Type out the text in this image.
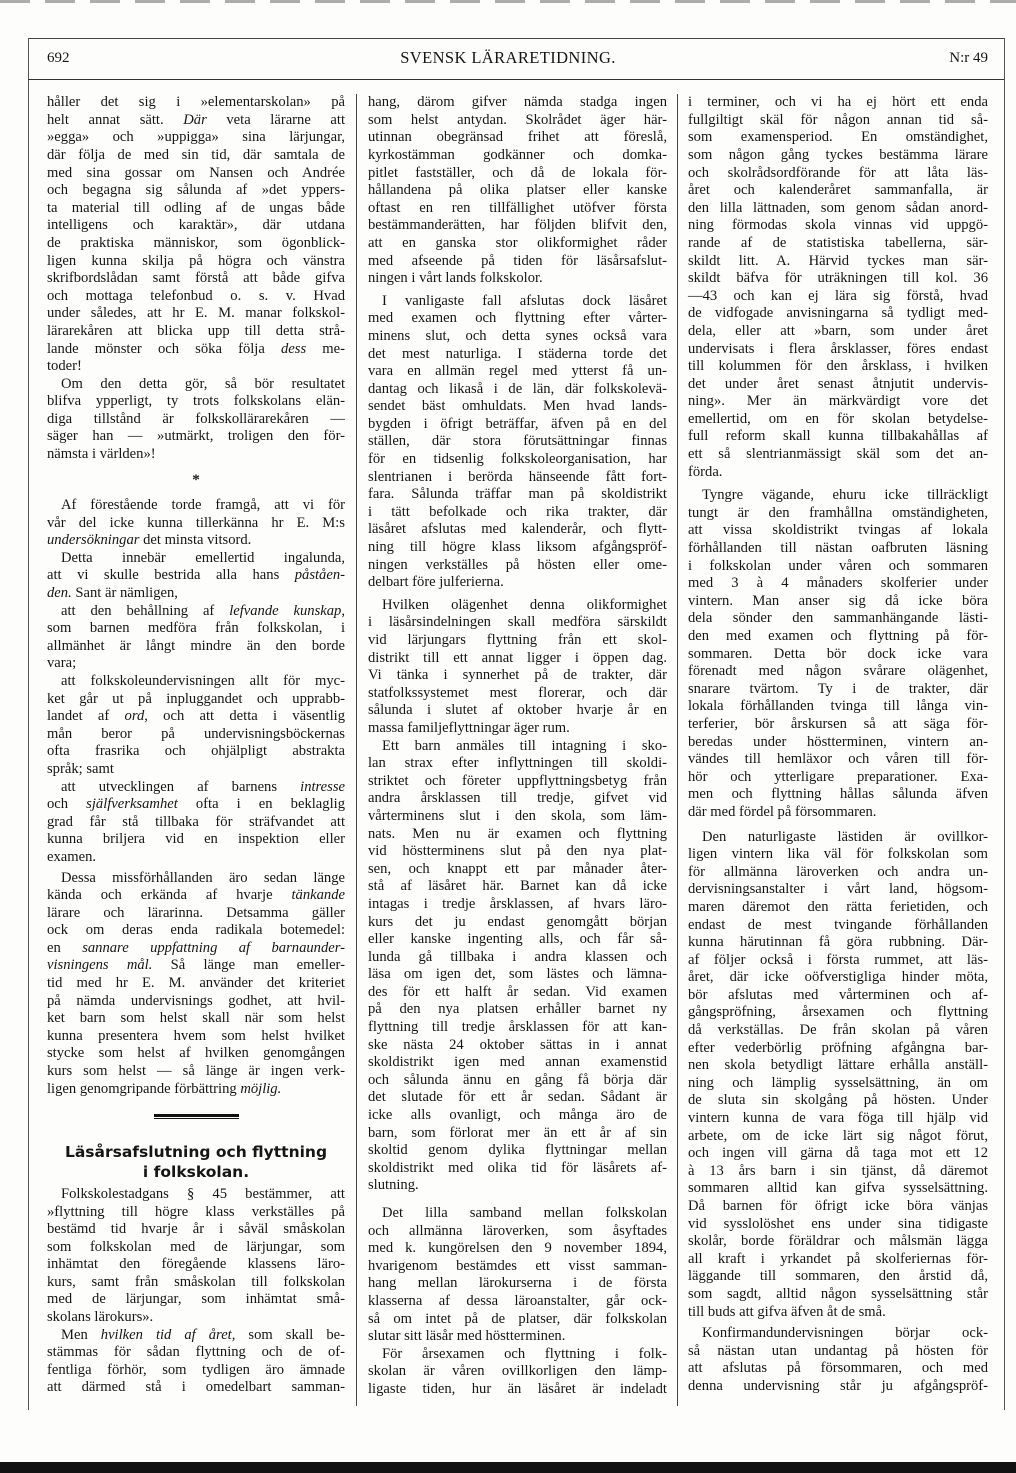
692	SVENSK LÄRARETIDNING.	N:r 49
håller det sig i »elementarskolan» på
helt annat sätt. Där veta lärarne att
»egga» och »uppigga» sina lärjungar,
där följa de med sin tid, där samtala de
med sina gossar om Nansen och Andrée
och begagna sig sålunda af »det yppers-
ta material till odling af de ungas både
intelligens och karaktär», där utdana
de praktiska människor, som ögonblick-
ligen kunna skilja på högra och vänstra
skrifbordslådan samt förstå att både gifva
och mottaga telefonbud o. s. v. Hvad
under således, att hr E. M. manar folkskol-
lärarekåren att blicka upp till detta strå-
lande mönster och söka följa dess me-
toder!
Om den detta gör, så bör resultatet
blifva ypperligt, ty trots folkskolans elän-
diga tillstånd är folkskollärarekåren —
säger han — »utmärkt, troligen den för-
nämsta i världen»!
*
Af förestående torde framgå, att vi för
vår del icke kunna tillerkänna hr E. M:s
undersökningar det minsta vitsord.
Detta innebär emellertid ingalunda,
att vi skulle bestrida alla hans påståen-
den. Sant är nämligen,
att den behållning af lefvande kunskap,
som barnen medföra från folkskolan, i
allmänhet är långt mindre än den borde
vara;
att folkskoleundervisningen allt för myc-
ket går ut på inpluggandet och upprabb-
landet af ord, och att detta i väsentlig
mån beror på undervisningsböckernas
ofta frasrika och ohjälpligt abstrakta
språk; samt
att utvecklingen af barnens intresse
och själfverksamhet ofta i en beklaglig
grad får stå tillbaka för sträfvandet att
kunna briljera vid en inspektion eller
examen.
Dessa missförhållanden äro sedan länge
kända och erkända af hvarje tänkande
lärare och lärarinna. Detsamma gäller
ock om deras enda radikala botemedel:
en sannare uppfattning af barnaunder-
visningens mål. Så länge man emeller-
tid med hr E. M. använder det kriteriet
på nämda undervisnings godhet, att hvil-
ket barn som helst skall när som helst
kunna presentera hvem som helst hvilket
stycke som helst af hvilken genomgången
kurs som helst — så länge är ingen verk-
ligen genomgripande förbättring möjlig.
Läsårsafslutning och flyttning
i folkskolan.
Folkskolestadgans § 45 bestämmer, att
»flyttning till högre klass verkställes på
bestämd tid hvarje år i såväl småskolan
som folkskolan med de lärjungar, som
inhämtat den föregående klassens läro-
kurs, samt från småskolan till folkskolan
med de lärjungar, som inhämtat små-
skolans lärokurs».
Men hvilken tid af året, som skall be-
stämmas för sådan flyttning och de of-
fentliga förhör, som tydligen äro ämnade
att därmed stå i omedelbart samman-
hang, därom gifver nämda stadga ingen
som helst antydan. Skolrådet äger här-
utinnan obegränsad frihet att föreslå,
kyrkostämman godkänner och domka-
pitlet fastställer, och då de lokala för-
hållandena på olika platser eller kanske
oftast en ren tillfällighet utöfver första
bestämmanderätten, har följden blifvit den,
att en ganska stor olikformighet råder
med afseende på tiden för läsårsafslut-
ningen i vårt lands folkskolor.
I vanligaste fall afslutas dock läsåret
med examen och flyttning efter vårter-
minens slut, och detta synes också vara
det mest naturliga. I städerna torde det
vara en allmän regel med ytterst få un-
dantag och likaså i de län, där folkskolevä-
sendet bäst omhuldats. Men hvad lands-
bygden i öfrigt beträffar, äfven på en del
ställen, där stora förutsättningar finnas
för en tidsenlig folkskoleorganisation, har
slentrianen i berörda hänseende fått fort-
fara. Sålunda träffar man på skoldistrikt
i tätt befolkade och rika trakter, där
läsåret afslutas med kalenderår, och flytt-
ning till högre klass liksom afgångspröf-
ningen verkställes på hösten eller ome-
delbart före julferierna.
Hvilken olägenhet denna olikformighet
i läsårsindelningen skall medföra särskildt
vid lärjungars flyttning från ett skol-
distrikt till ett annat ligger i öppen dag.
Vi tänka i synnerhet på de trakter, där
statfolkssystemet mest florerar, och där
sålunda i slutet af oktober hvarje år en
massa familjeflyttningar äger rum.
Ett barn anmäles till intagning i sko-
lan strax efter inflyttningen till skoldi-
striktet och företer uppflyttningsbetyg från
andra årsklassen till tredje, gifvet vid
vårterminens slut i den skola, som läm-
nats. Men nu är examen och flyttning
vid höstterminens slut på den nya plat-
sen, och knappt ett par månader åter-
stå af läsåret här. Barnet kan då icke
intagas i tredje årsklassen, af hvars läro-
kurs det ju endast genomgått början
eller kanske ingenting alls, och får så-
lunda gå tillbaka i andra klassen och
läsa om igen det, som lästes och lämna-
des för ett halft år sedan. Vid examen
på den nya platsen erhåller barnet ny
flyttning till tredje årsklassen för att kan-
ske nästa 24 oktober sättas in i annat
skoldistrikt igen med annan examenstid
och sålunda ännu en gång få börja där
det slutade för ett år sedan. Sådant är
icke alls ovanligt, och många äro de
barn, som förlorat mer än ett år af sin
skoltid genom dylika flyttningar mellan
skoldistrikt med olika tid för läsårets af-
slutning.
Det lilla samband mellan folkskolan
och allmänna läroverken, som åsyftades
med k. kungörelsen den 9 november 1894,
hvarigenom bestämdes ett visst samman-
hang mellan lärokurserna i de första
klasserna af dessa läroanstalter, går ock-
så om intet på de platser, där folkskolan
slutar sitt läsår med höstterminen.
För årsexamen och flyttning i folk-
skolan är våren ovillkorligen den lämp-
ligaste tiden, hur än läsåret är indeladt
i terminer, och vi ha ej hört ett enda
fullgiltigt skäl för någon annan tid så-
som examensperiod. En omständighet,
som någon gång tyckes bestämma lärare
och skolrådsordförande för att låta läs-
året och kalenderåret sammanfalla, är
den lilla lättnaden, som genom sådan anord-
ning förmodas skola vinnas vid uppgö-
rande af de statistiska tabellerna, sär-
skildt litt. A. Härvid tyckes man sär-
skildt bäfva för uträkningen till kol. 36
—43 och kan ej lära sig förstå, hvad
de vidfogade anvisningarna så tydligt med-
dela, eller att »barn, som under året
undervisats i flera årsklasser, föres endast
till kolummen för den årsklass, i hvilken
det under året senast åtnjutit undervis-
ning». Mer än märkvärdigt vore det
emellertid, om en för skolan betydelse-
full reform skall kunna tillbakahållas af
ett så slentrianmässigt skäl som det an-
förda.
Tyngre vägande, ehuru icke tillräckligt
tungt är den framhållna omständigheten,
att vissa skoldistrikt tvingas af lokala
förhållanden till nästan oafbruten läsning
i folkskolan under våren och sommaren
med 3 à 4 månaders skolferier under
vintern. Man anser sig då icke böra
dela sönder den sammanhängande lästi-
den med examen och flyttning på för-
sommaren. Detta bör dock icke vara
förenadt med någon svårare olägenhet,
snarare tvärtom. Ty i de trakter, där
lokala förhållanden tvinga till långa vin-
terferier, bör årskursen så att säga för-
beredas under höstterminen, vintern an-
vändes till hemläxor och våren till för-
hör och ytterligare preparationer. Exa-
men och flyttning hållas sålunda äfven
där med fördel på försommaren.
Den naturligaste lästiden är ovillkor-
ligen vintern lika väl för folkskolan som
för allmänna läroverken och andra un-
dervisningsanstalter i vårt land, högsom-
maren däremot den rätta ferietiden, och
endast de mest tvingande förhållanden
kunna härutinnan få göra rubbning. Där-
af följer också i första rummet, att läs-
året, där icke oöfverstigliga hinder möta,
bör afslutas med vårterminen och af-
gångspröfning, årsexamen och flyttning
då verkställas. De från skolan på våren
efter vederbörlig pröfning afgångna bar-
nen skola betydligt lättare erhålla anställ-
ning och lämplig sysselsättning, än om
de sluta sin skolgång på hösten. Under
vintern kunna de vara föga till hjälp vid
arbete, om de icke lärt sig något förut,
och ingen vill gärna då taga mot ett 12
à 13 års barn i sin tjänst, då däremot
sommaren alltid kan gifva sysselsättning.
Då barnen för öfrigt icke böra vänjas
vid sysslolöshet ens under sina tidigaste
skolår, borde föräldrar och målsmän lägga
all kraft i yrkandet på skolferiernas för-
läggande till sommaren, den årstid då,
som sagdt, alltid någon sysselsättning står
till buds att gifva äfven åt de små.
Konfirmandundervisningen börjar ock-
så nästan utan undantag på hösten för
att afslutas på försommaren, och med
denna undervisning står ju afgångspröf-
